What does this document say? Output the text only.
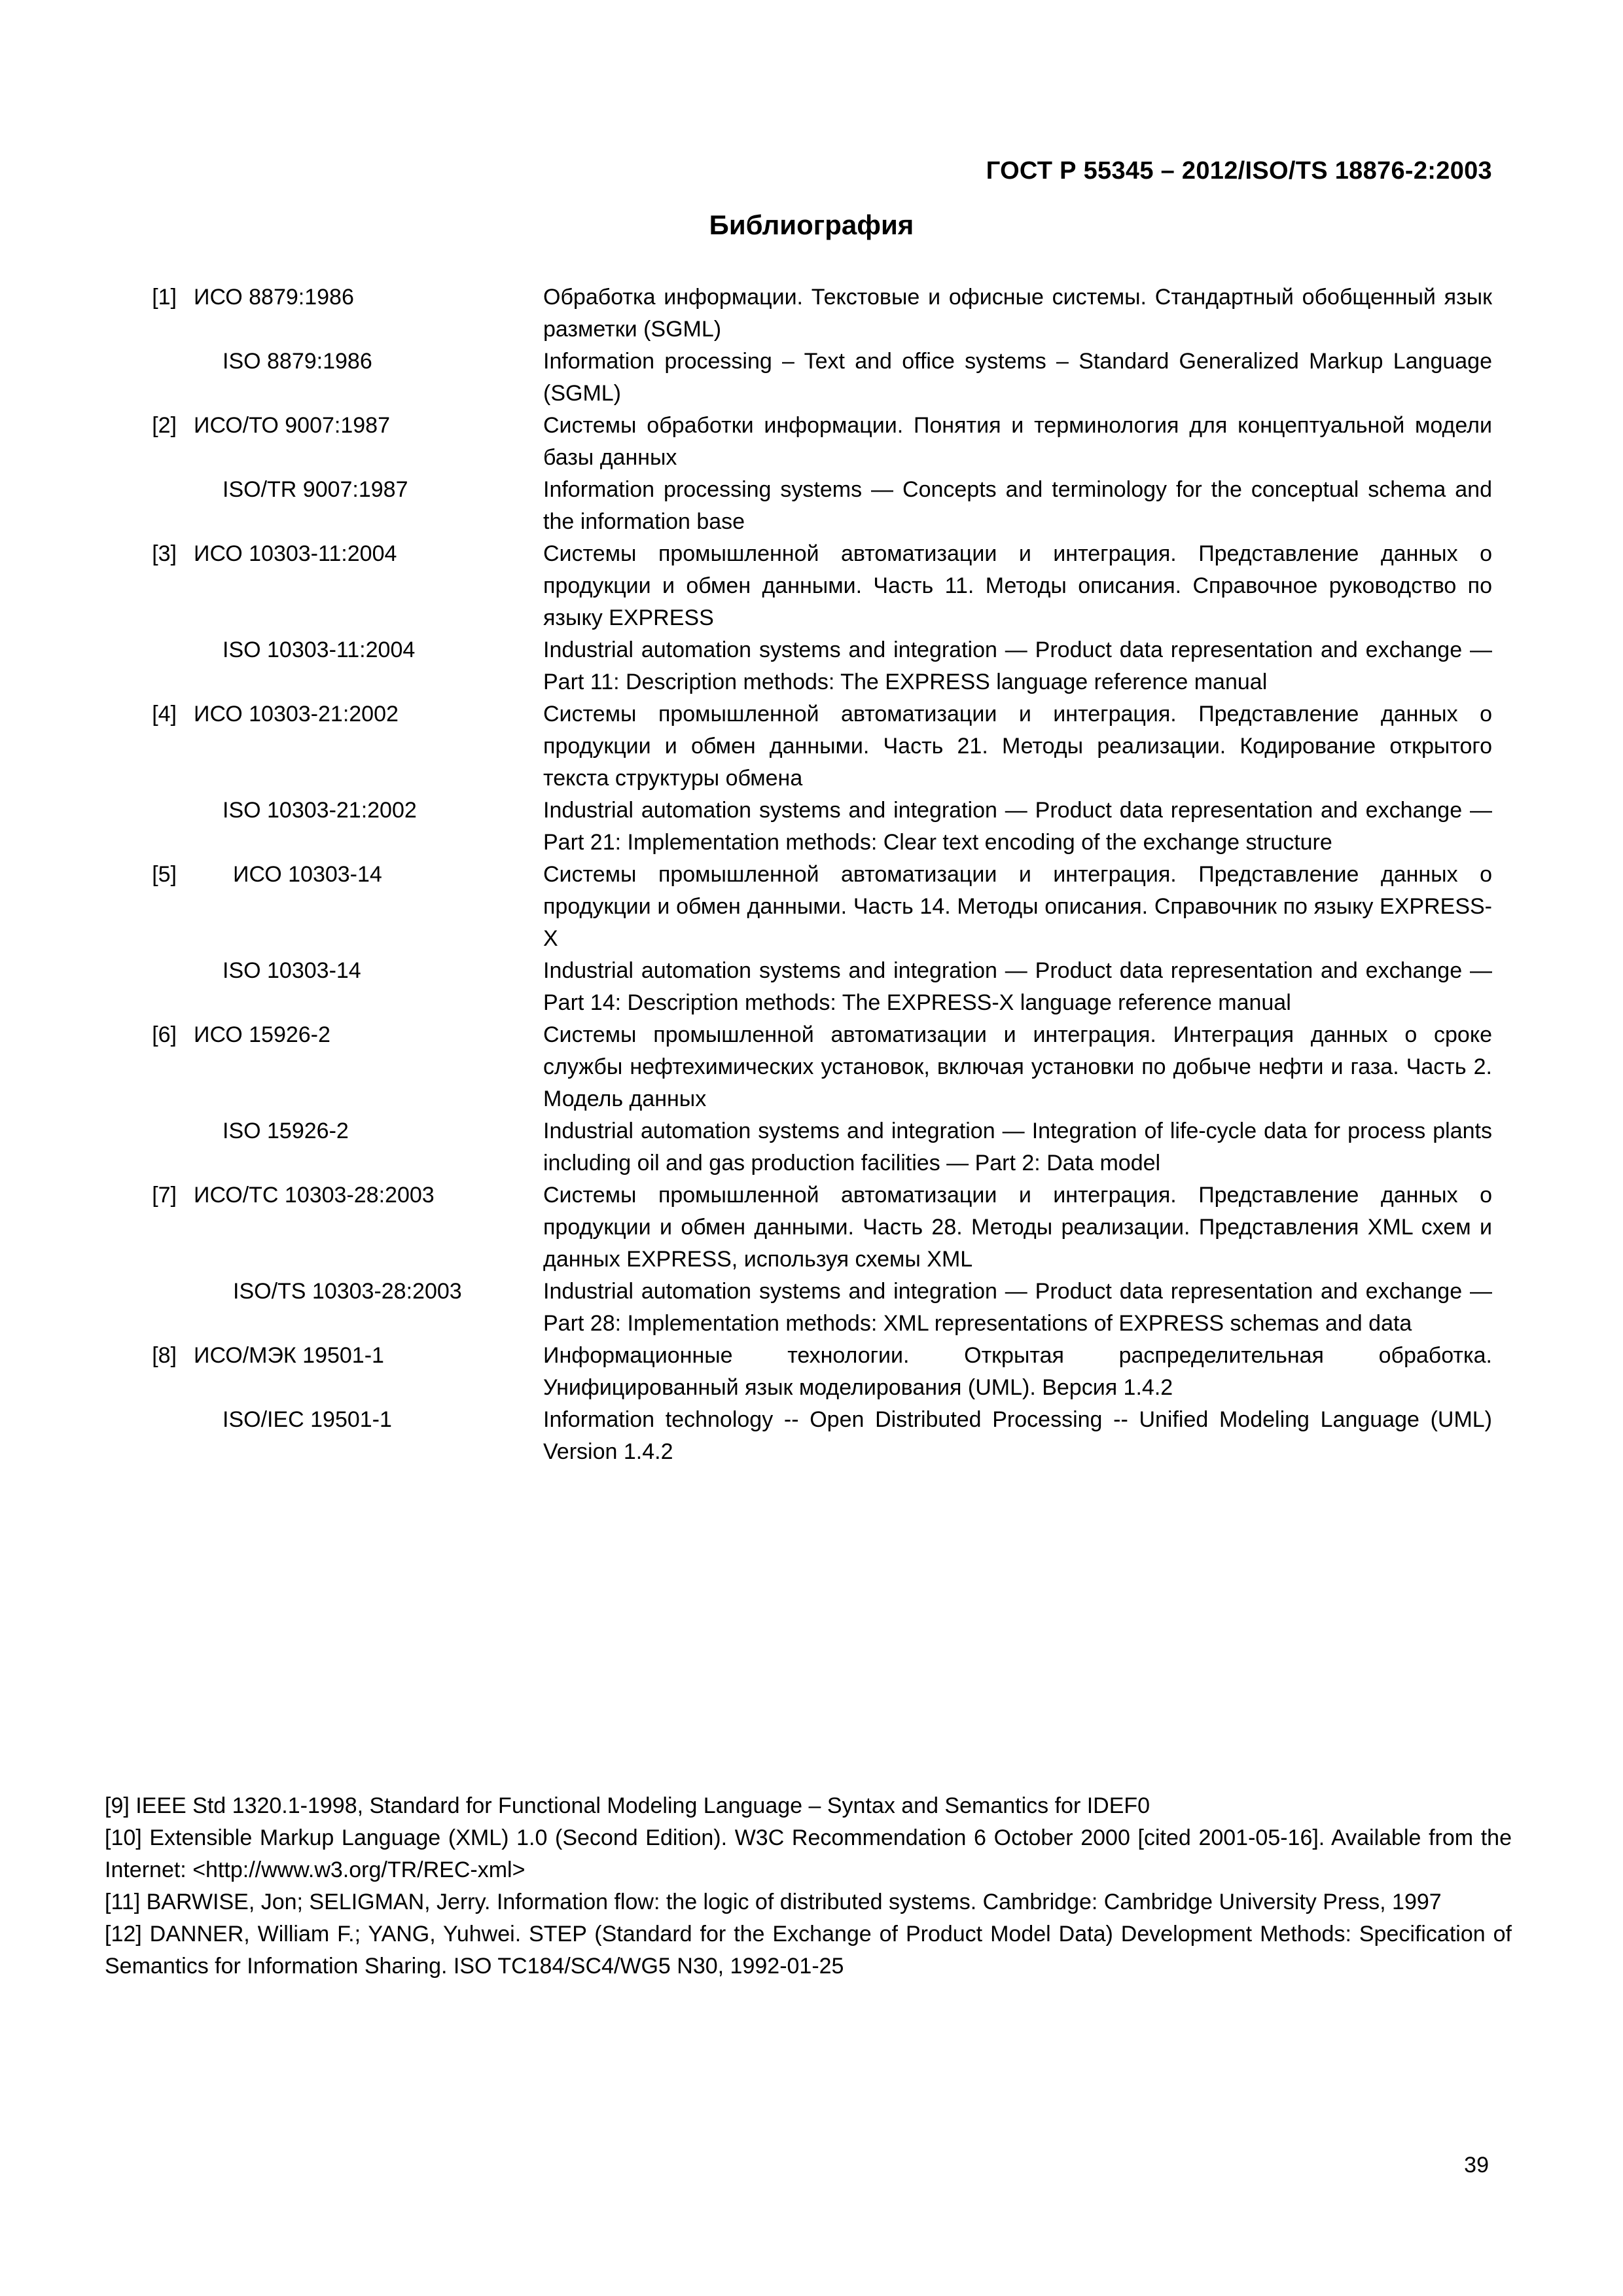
ГОСТ Р 55345 – 2012/ISO/TS 18876-2:2003
Библиография
[1] ИСО 8879:1986	Обработка информации. Текстовые и офисные системы. Стандартный обобщенный язык разметки (SGML)
ISO 8879:1986	Information processing – Text and office systems – Standard Generalized Markup Language (SGML)
[2] ИСО/ТО 9007:1987	Системы обработки информации. Понятия и терминология для концептуальной модели базы данных
ISO/TR 9007:1987	Information processing systems — Concepts and terminology for the conceptual schema and the information base
[3] ИСО 10303-11:2004	Системы промышленной автоматизации и интеграция. Представление данных о продукции и обмен данными. Часть 11. Методы описания. Справочное руководство по языку EXPRESS
ISO 10303-11:2004	Industrial automation systems and integration — Product data representation and exchange — Part 11: Description methods: The EXPRESS language reference manual
[4] ИСО 10303-21:2002	Системы промышленной автоматизации и интеграция. Представление данных о продукции и обмен данными. Часть 21. Методы реализации. Кодирование открытого текста структуры обмена
ISO 10303-21:2002	Industrial automation systems and integration — Product data representation and exchange — Part 21: Implementation methods: Clear text encoding of the exchange structure
[5]	ИСО 10303-14	Системы промышленной автоматизации и интеграция. Представление данных о продукции и обмен данными. Часть 14. Методы описания. Справочник по языку EXPRESS-X
ISO 10303-14	Industrial automation systems and integration — Product data representation and exchange — Part 14: Description methods: The EXPRESS-X language reference manual
[6] ИСО 15926-2	Системы промышленной автоматизации и интеграция. Интеграция данных о сроке службы нефтехимических установок, включая установки по добыче нефти и газа. Часть 2. Модель данных
ISO 15926-2	Industrial automation systems and integration — Integration of life-cycle data for process plants including oil and gas production facilities — Part 2: Data model
[7] ИСО/ТС 10303-28:2003	Системы промышленной автоматизации и интеграция. Представление данных о продукции и обмен данными. Часть 28. Методы реализации. Представления XML схем и данных EXPRESS, используя схемы XML
ISO/TS 10303-28:2003	Industrial automation systems and integration — Product data representation and exchange — Part 28: Implementation methods: XML representations of EXPRESS schemas and data
[8] ИСО/МЭК 19501-1	Информационные технологии. Открытая распределительная обработка. Унифицированный язык моделирования (UML). Версия 1.4.2
ISO/IEC 19501-1	Information technology -- Open Distributed Processing -- Unified Modeling Language (UML) Version 1.4.2

[9] IEEE Std 1320.1-1998, Standard for Functional Modeling Language – Syntax and Semantics for IDEF0

[10] Extensible Markup Language (XML) 1.0 (Second Edition). W3C Recommendation 6 October 2000 [cited 2001-05-16]. Available from the Internet: <http://www.w3.org/TR/REC-xml>

[11] BARWISE, Jon; SELIGMAN, Jerry. Information flow: the logic of distributed systems. Cambridge: Cambridge University Press, 1997

[12] DANNER, William F.; YANG, Yuhwei. STEP (Standard for the Exchange of Product Model Data) Development Methods: Specification of Semantics for Information Sharing. ISO TC184/SC4/WG5 N30, 1992-01-25

39
